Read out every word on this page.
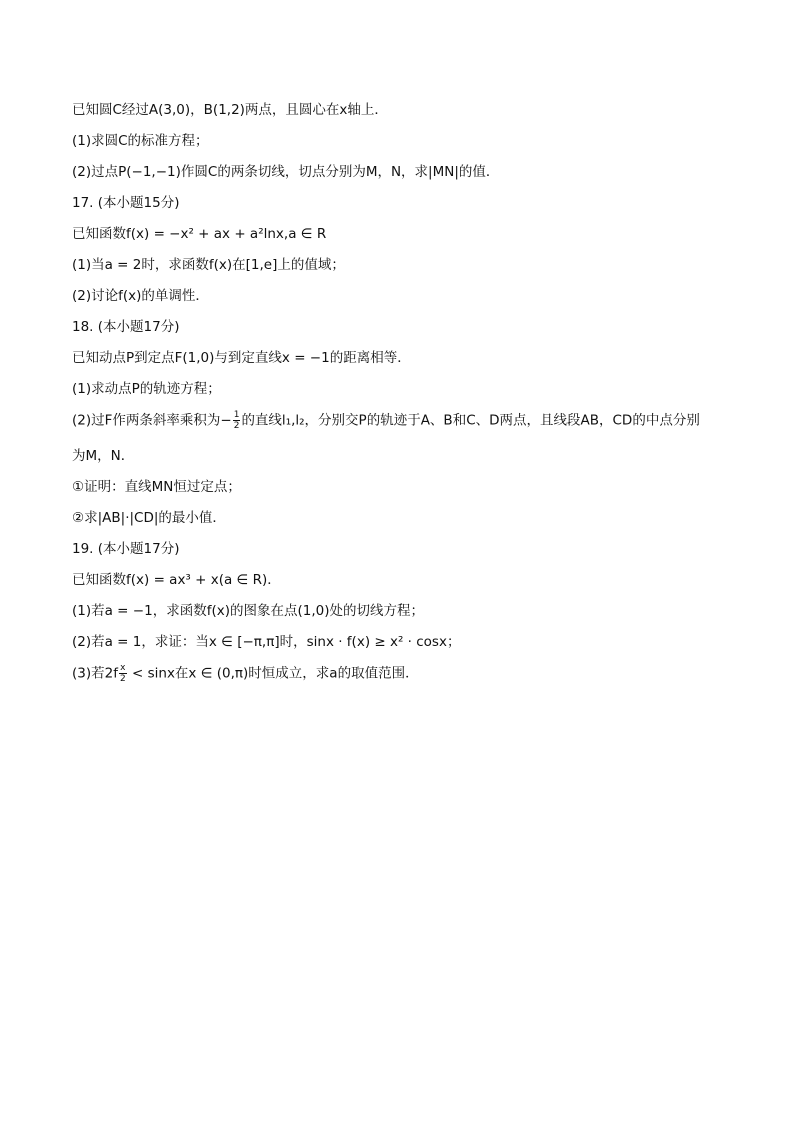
已知圆C经过A(3,0)，B(1,2)两点，且圆心在x轴上．
(1)求圆C的标准方程；
(2)过点P(−1,−1)作圆C的两条切线，切点分别为M，N，求|MN|的值．
17. (本小题15分)
已知函数f(x) = −x² + ax + a²lnx,a ∈ R
(1)当a = 2时，求函数f(x)在[1,e]上的值域；
(2)讨论f(x)的单调性．
18. (本小题17分)
已知动点P到定点F(1,0)与到定直线x = −1的距离相等．
(1)求动点P的轨迹方程；
(2)过F作两条斜率乘积为− $\frac{1}{2}$ 的直线l₁,l₂，分别交P的轨迹于A、B和C、D两点，且线段AB，CD的中点分别
为M，N．
①证明：直线MN恒过定点；
②求|AB|·|CD|的最小值．
19. (本小题17分)
已知函数f(x) = ax³ + x(a ∈ R)．
(1)若a = −1，求函数f(x)的图象在点(1,0)处的切线方程；
(2)若a = 1，求证：当x ∈ [−π,π]时，sinx · f(x) ≥ x² · cosx；
(3)若$2f \frac{x}{2} < \sin x$在x ∈ (0,π)时恒成立，求a的取值范围．
